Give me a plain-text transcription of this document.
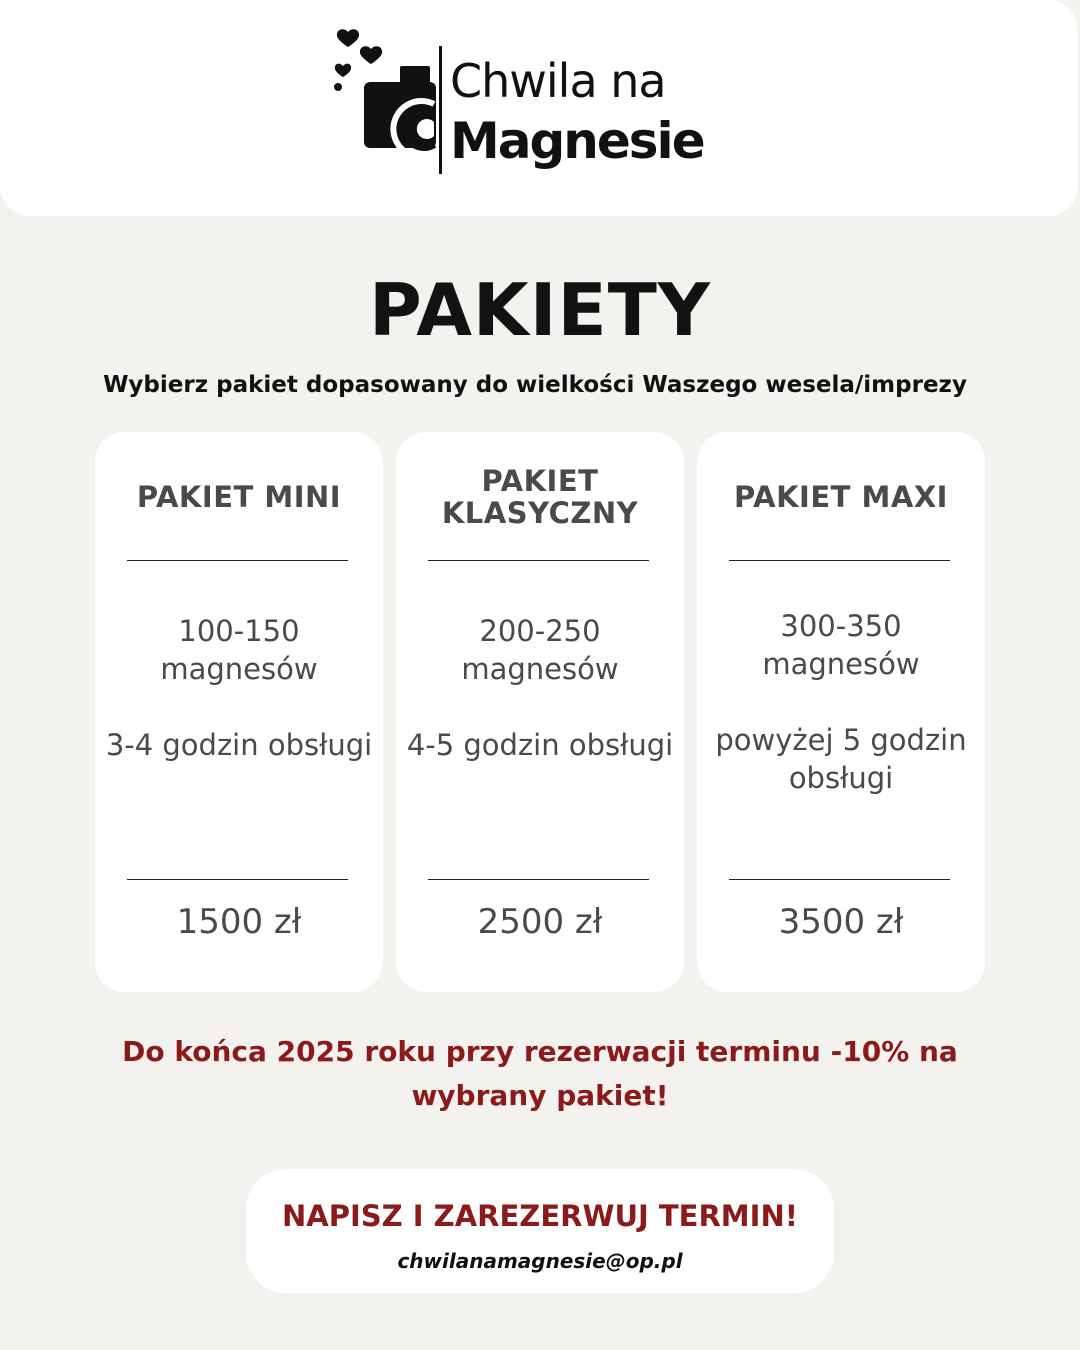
Chwila na
Magnesie
PAKIETY
Wybierz pakiet dopasowany do wielkości Waszego wesela/imprezy
PAKIET MINI

100-150 magnesów

3-4 godzin obsługi

1500 zł
PAKIET KLASYCZNY

200-250 magnesów

4-5 godzin obsługi

2500 zł
PAKIET MAXI

300-350 magnesów

powyżej 5 godzin obsługi

3500 zł
Do końca 2025 roku przy rezerwacji terminu -10% na wybrany pakiet!
NAPISZ I ZAREZERWUJ TERMIN!
chwilanamagnesie@op.pl
